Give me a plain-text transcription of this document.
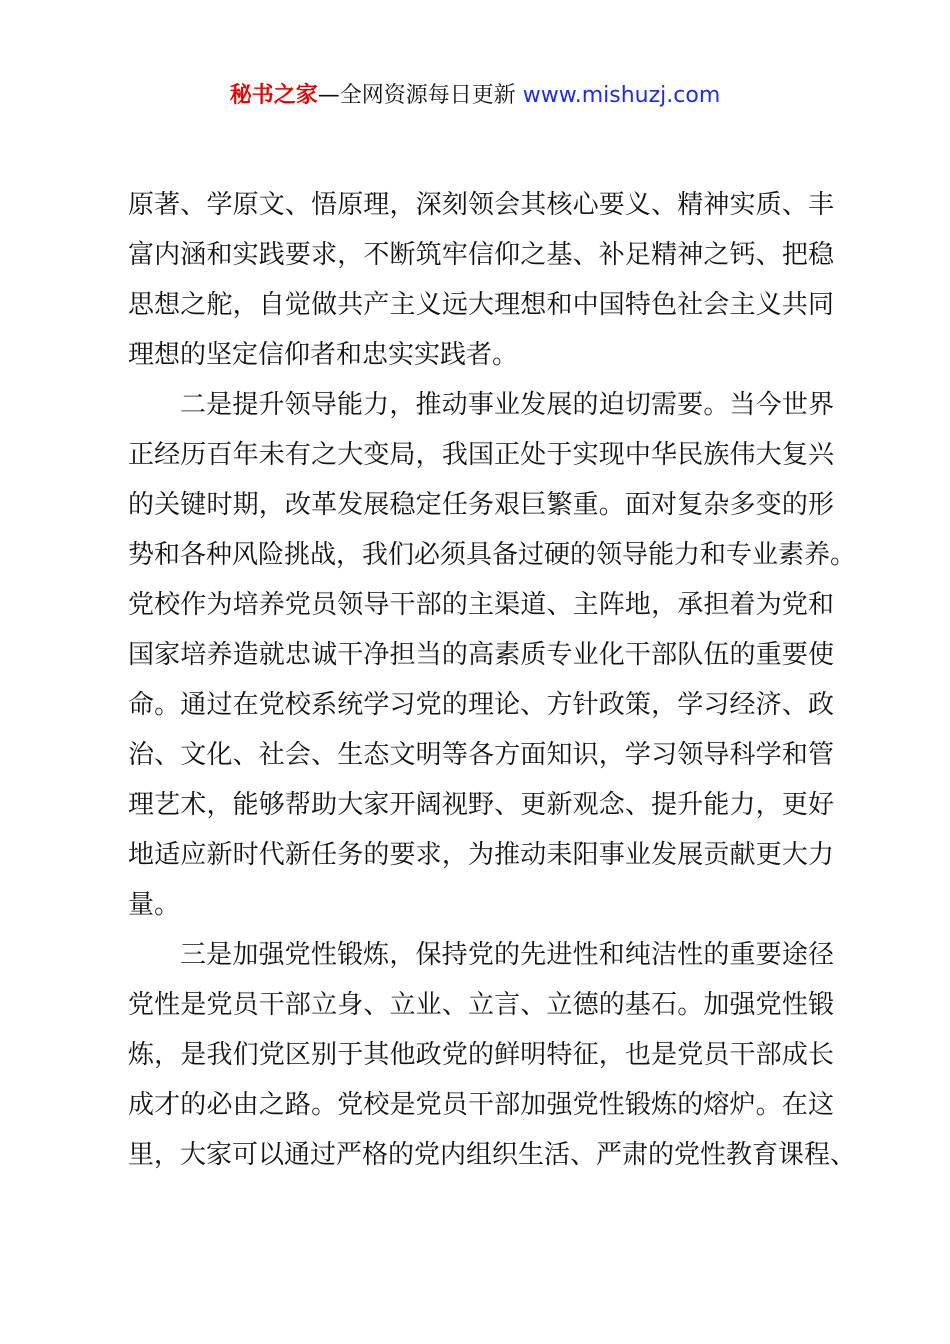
秘书之家—全网资源每日更新 www.mishuzj.com
原著、学原文、悟原理，深刻领会其核心要义、精神实质、丰
富内涵和实践要求，不断筑牢信仰之基、补足精神之钙、把稳
思想之舵，自觉做共产主义远大理想和中国特色社会主义共同
理想的坚定信仰者和忠实实践者。
二是提升领导能力，推动事业发展的迫切需要。当今世界
正经历百年未有之大变局，我国正处于实现中华民族伟大复兴
的关键时期，改革发展稳定任务艰巨繁重。面对复杂多变的形
势和各种风险挑战，我们必须具备过硬的领导能力和专业素养。
党校作为培养党员领导干部的主渠道、主阵地，承担着为党和
国家培养造就忠诚干净担当的高素质专业化干部队伍的重要使
命。通过在党校系统学习党的理论、方针政策，学习经济、政
治、文化、社会、生态文明等各方面知识，学习领导科学和管
理艺术，能够帮助大家开阔视野、更新观念、提升能力，更好
地适应新时代新任务的要求，为推动耒阳事业发展贡献更大力
量。
三是加强党性锻炼，保持党的先进性和纯洁性的重要途径
党性是党员干部立身、立业、立言、立德的基石。加强党性锻
炼，是我们党区别于其他政党的鲜明特征，也是党员干部成长
成才的必由之路。党校是党员干部加强党性锻炼的熔炉。在这
里，大家可以通过严格的党内组织生活、严肃的党性教育课程、
